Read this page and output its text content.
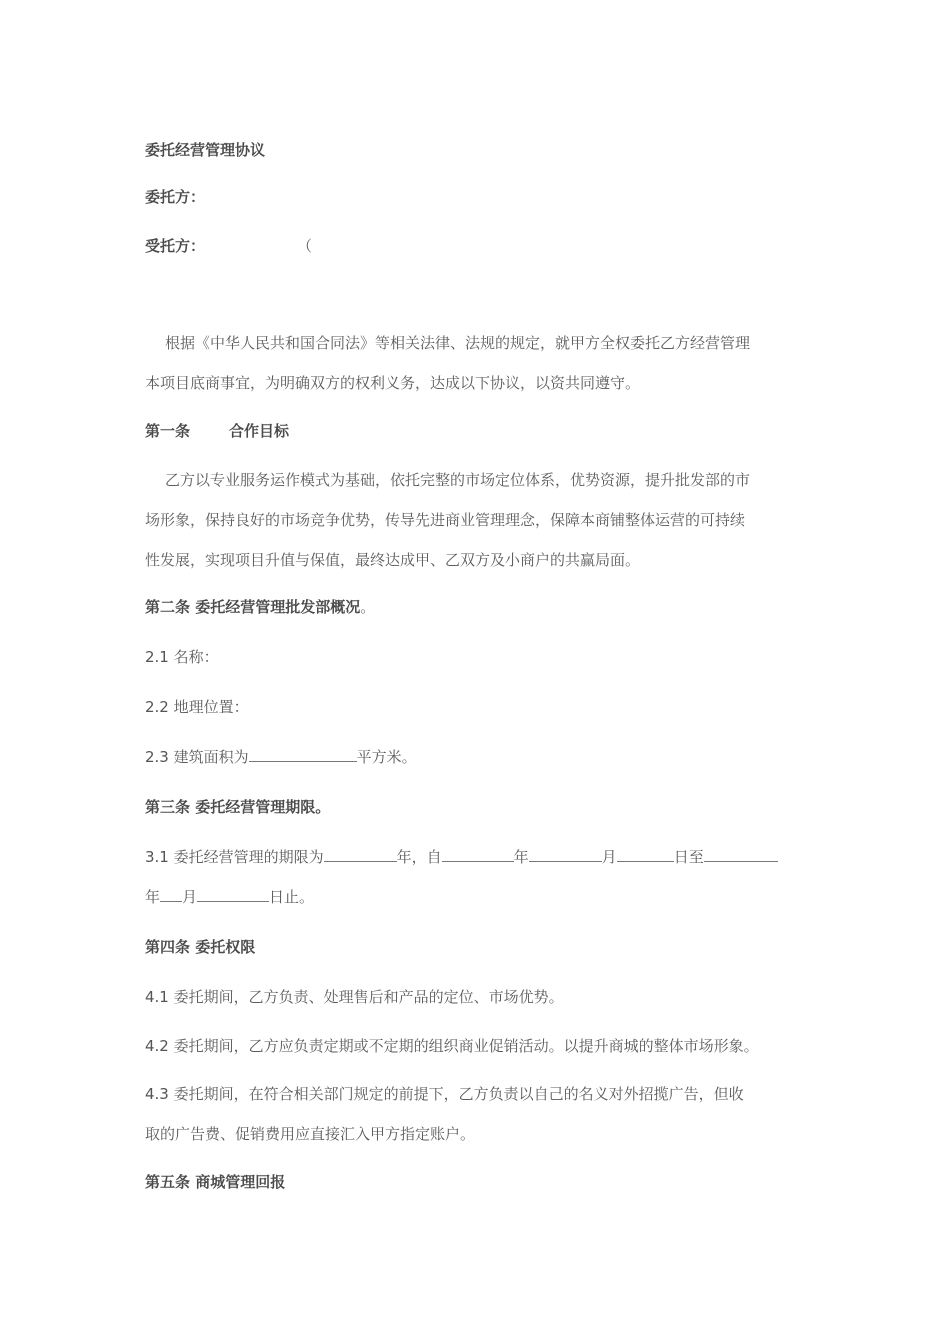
委托经营管理协议
委托方：
受托方：	（
根据《中华人民共和国合同法》等相关法律、法规的规定，就甲方全权委托乙方经营管理
本项目底商事宜，为明确双方的权利义务，达成以下协议，以资共同遵守。
第一条	合作目标
乙方以专业服务运作模式为基础，依托完整的市场定位体系，优势资源，提升批发部的市
场形象，保持良好的市场竞争优势，传导先进商业管理理念，保障本商铺整体运营的可持续
性发展，实现项目升值与保值，最终达成甲、乙双方及小商户的共赢局面。
第二条 委托经营管理批发部概况。
2.1 名称：
2.2 地理位置：
2.3 建筑面积为	平方米。
第三条 委托经营管理期限。
3.1 委托经营管理的期限为	年，自	年	月	日至
年 月	日止。
第四条 委托权限
4.1 委托期间，乙方负责、处理售后和产品的定位、市场优势。
4.2 委托期间，乙方应负责定期或不定期的组织商业促销活动。以提升商城的整体市场形象。
4.3 委托期间，在符合相关部门规定的前提下，乙方负责以自己的名义对外招揽广告，但收
取的广告费、促销费用应直接汇入甲方指定账户。
第五条 商城管理回报
